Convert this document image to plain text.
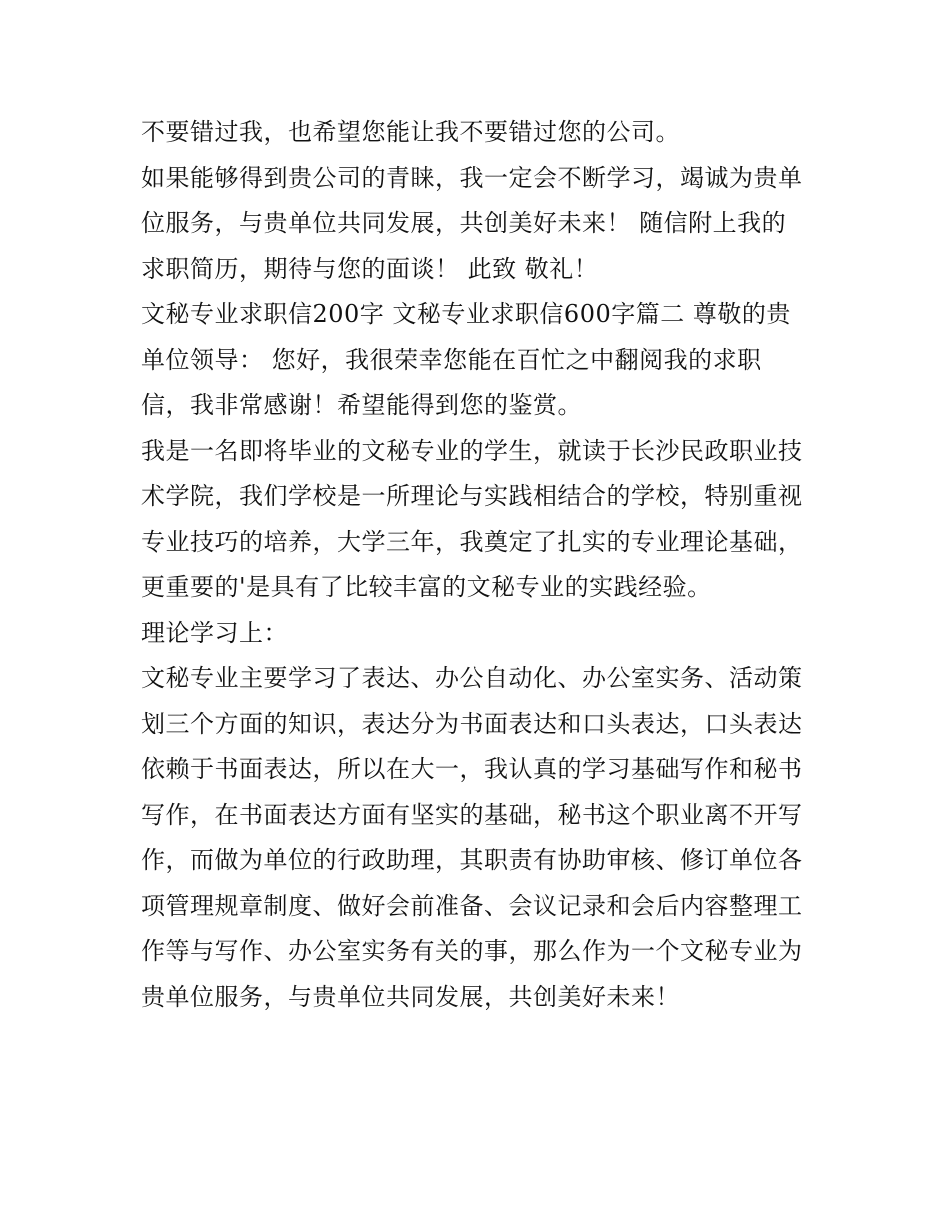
不要错过我，也希望您能让我不要错过您的公司。
如果能够得到贵公司的青睐，我一定会不断学习，竭诚为贵单
位服务，与贵单位共同发展，共创美好未来！ 随信附上我的
求职简历，期待与您的面谈！ 此致 敬礼！
文秘专业求职信200字 文秘专业求职信600字篇二 尊敬的贵
单位领导： 您好，我很荣幸您能在百忙之中翻阅我的求职
信，我非常感谢！希望能得到您的鉴赏。
我是一名即将毕业的文秘专业的学生，就读于长沙民政职业技
术学院，我们学校是一所理论与实践相结合的学校，特别重视
专业技巧的培养，大学三年，我奠定了扎实的专业理论基础，
更重要的'是具有了比较丰富的文秘专业的实践经验。
理论学习上：
文秘专业主要学习了表达、办公自动化、办公室实务、活动策
划三个方面的知识，表达分为书面表达和口头表达，口头表达
依赖于书面表达，所以在大一，我认真的学习基础写作和秘书
写作，在书面表达方面有坚实的基础，秘书这个职业离不开写
作，而做为单位的行政助理，其职责有协助审核、修订单位各
项管理规章制度、做好会前准备、会议记录和会后内容整理工
作等与写作、办公室实务有关的事，那么作为一个文秘专业为
贵单位服务，与贵单位共同发展，共创美好未来！
